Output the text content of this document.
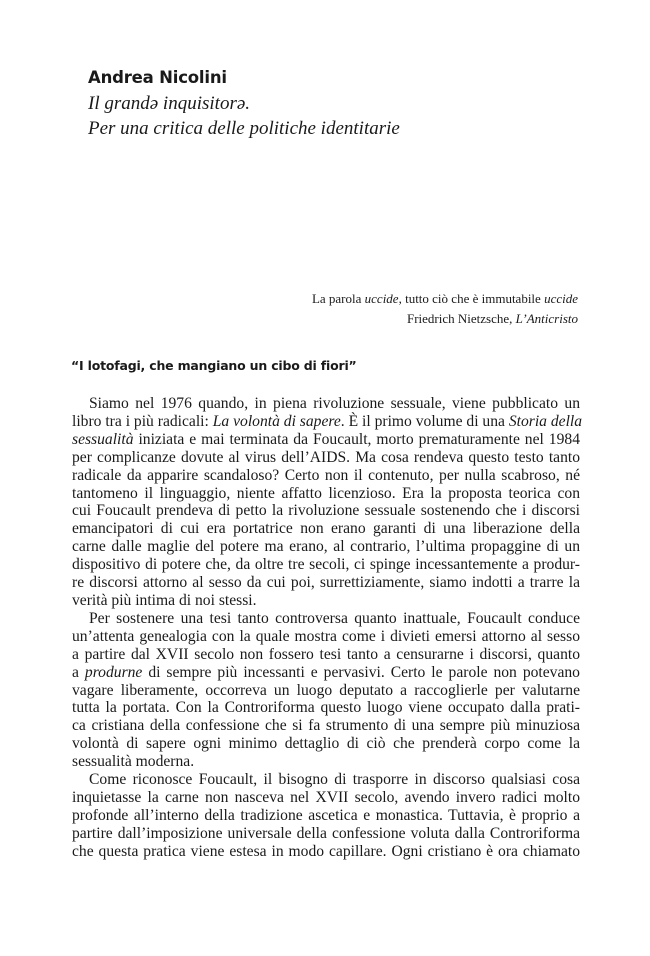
Andrea Nicolini
Il grandə inquisitorə.
Per una critica delle politiche identitarie
La parola uccide, tutto ciò che è immutabile uccide
Friedrich Nietzsche, L’Anticristo
“I lotofagi, che mangiano un cibo di fiori”
Siamo nel 1976 quando, in piena rivoluzione sessuale, viene pubblicato un
libro tra i più radicali: La volontà di sapere. È il primo volume di una Storia della
sessualità iniziata e mai terminata da Foucault, morto prematuramente nel 1984
per complicanze dovute al virus dell’AIDS. Ma cosa rendeva questo testo tanto
radicale da apparire scandaloso? Certo non il contenuto, per nulla scabroso, né
tantomeno il linguaggio, niente affatto licenzioso. Era la proposta teorica con
cui Foucault prendeva di petto la rivoluzione sessuale sostenendo che i discorsi
emancipatori di cui era portatrice non erano garanti di una liberazione della
carne dalle maglie del potere ma erano, al contrario, l’ultima propaggine di un
dispositivo di potere che, da oltre tre secoli, ci spinge incessantemente a produr-
re discorsi attorno al sesso da cui poi, surrettiziamente, siamo indotti a trarre la
verità più intima di noi stessi.
Per sostenere una tesi tanto controversa quanto inattuale, Foucault conduce
un’attenta genealogia con la quale mostra come i divieti emersi attorno al sesso
a partire dal XVII secolo non fossero tesi tanto a censurarne i discorsi, quanto
a produrne di sempre più incessanti e pervasivi. Certo le parole non potevano
vagare liberamente, occorreva un luogo deputato a raccoglierle per valutarne
tutta la portata. Con la Controriforma questo luogo viene occupato dalla prati-
ca cristiana della confessione che si fa strumento di una sempre più minuziosa
volontà di sapere ogni minimo dettaglio di ciò che prenderà corpo come la
sessualità moderna.
Come riconosce Foucault, il bisogno di trasporre in discorso qualsiasi cosa
inquietasse la carne non nasceva nel XVII secolo, avendo invero radici molto
profonde all’interno della tradizione ascetica e monastica. Tuttavia, è proprio a
partire dall’imposizione universale della confessione voluta dalla Controriforma
che questa pratica viene estesa in modo capillare. Ogni cristiano è ora chiamato
